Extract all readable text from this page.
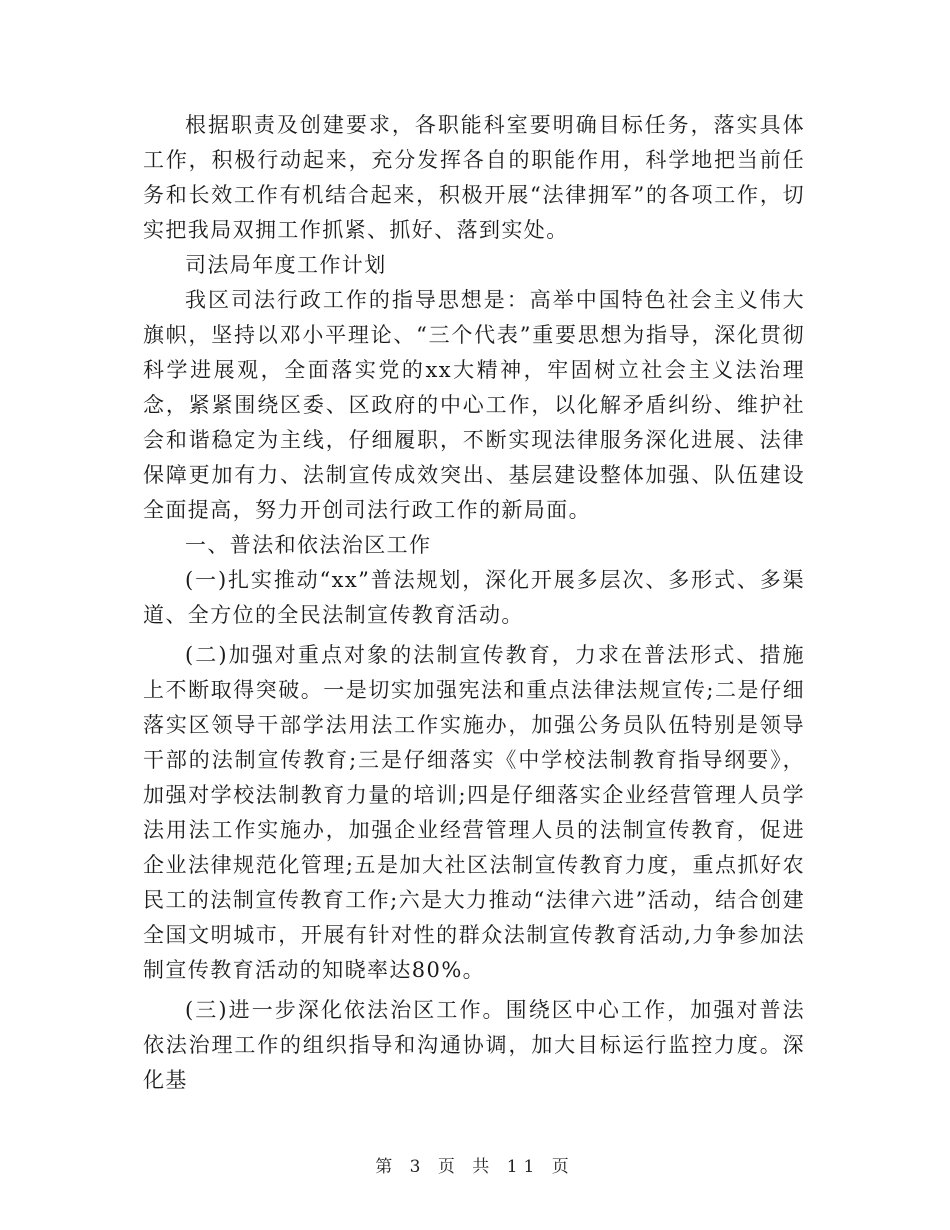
根据职责及创建要求，各职能科室要明确目标任务，落实具体工作，积极行动起来，充分发挥各自的职能作用，科学地把当前任务和长效工作有机结合起来，积极开展“法律拥军”的各项工作，切实把我局双拥工作抓紧、抓好、落到实处。

司法局年度工作计划

我区司法行政工作的指导思想是：高举中国特色社会主义伟大旗帜，坚持以邓小平理论、“三个代表”重要思想为指导，深化贯彻科学进展观，全面落实党的xx大精神，牢固树立社会主义法治理念，紧紧围绕区委、区政府的中心工作，以化解矛盾纠纷、维护社会和谐稳定为主线，仔细履职，不断实现法律服务深化进展、法律保障更加有力、法制宣传成效突出、基层建设整体加强、队伍建设全面提高，努力开创司法行政工作的新局面。

一、普法和依法治区工作

(一)扎实推动“xx”普法规划，深化开展多层次、多形式、多渠道、全方位的全民法制宣传教育活动。

(二)加强对重点对象的法制宣传教育，力求在普法形式、措施上不断取得突破。一是切实加强宪法和重点法律法规宣传;二是仔细落实区领导干部学法用法工作实施办，加强公务员队伍特别是领导干部的法制宣传教育;三是仔细落实《中学校法制教育指导纲要》，加强对学校法制教育力量的培训;四是仔细落实企业经营管理人员学法用法工作实施办，加强企业经营管理人员的法制宣传教育，促进企业法律规范化管理;五是加大社区法制宣传教育力度，重点抓好农民工的法制宣传教育工作;六是大力推动“法律六进”活动，结合创建全国文明城市，开展有针对性的群众法制宣传教育活动,力争参加法制宣传教育活动的知晓率达80%。

(三)进一步深化依法治区工作。围绕区中心工作，加强对普法依法治理工作的组织指导和沟通协调，加大目标运行监控力度。深化基

第 3 页 共 11 页
